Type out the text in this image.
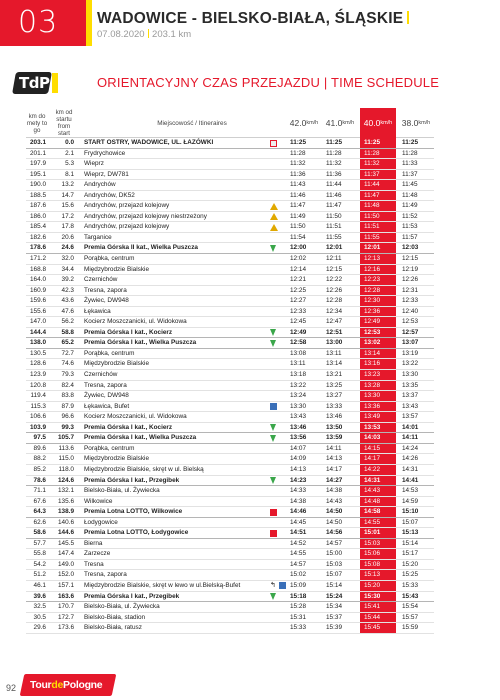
03	WADOWICE - BIELSKO-BIAŁA, ŚLĄSKIE
07.08.2020 203.1 km
TdP	ORIENTACYJNY CZAS PRZEJAZDU | TIME SCHEDULE
km do mety to go
km od startu from start
Miejscowość / Itineraires	42.0 km/h 41.0 km/h 40.0 km/h 38.0 km/h
203.1	0.0 START OSTRY, WADOWICE, UL. ŁAZÓWKI	11:25	11:25	11:25	11:25
201.1	2.1 Frydrychowice	11:28	11:28	11:28	11:28
197.9	5.3 Wieprz	11:32	11:32	11:32	11:33
195.1	8.1 Wieprz, DW781	11:36	11:36	11:37	11:37
190.0	13.2 Andrychów	11:43	11:44	11:44	11:45
188.5	14.7 Andrychów, DK52	11:46	11:46	11:47	11:48
187.6	15.6 Andrychów, przejazd kolejowy	11:47	11:47	11:48	11:49
186.0	17.2 Andrychów, przejazd kolejowy niestrzeżony	11:49	11:50	11:50	11:52
185.4	17.8 Andrychów, przejazd kolejowy	11:50	11:51	11:51	11:53
182.6	20.6 Targanice	11:54	11:55	11:55	11:57
178.6	24.6 Premia Górska II kat., Wielka Puszcza	12:00	12:01	12:01	12:03
171.2	32.0 Porąbka, centrum	12:02	12:11	12:13	12:15
168.8	34.4 Międzybrodzie Bialskie	12:14	12:15	12:16	12:19
164.0	39.2 Czernichów	12:21	12:22	12:23	12:26
160.9	42.3 Tresna, zapora	12:25	12:26	12:28	12:31
159.6	43.6 Żywiec, DW948	12:27	12:28	12:30	12:33
155.6	47.6 Łękawica	12:33	12:34	12:36	12:40
147.0	56.2 Kocierz Moszczanicki, ul. Widokowa	12:45	12:47	12:49	12:53
144.4	58.8 Premia Górska I kat., Kocierz	12:49	12:51	12:53	12:57
138.0	65.2 Premia Górska I kat., Wielka Puszcza	12:58	13:00	13:02	13:07
130.5	72.7 Porąbka, centrum	13:08	13:11	13:14	13:19
128.6	74.6 Międzybrodzie Bialskie	13:11	13:14	13:16	13:22
123.9	79.3 Czernichów	13:18	13:21	13:23	13:30
120.8	82.4 Tresna, zapora	13:22	13:25	13:28	13:35
119.4	83.8 Żywiec, DW948	13:24	13:27	13:30	13:37
115.3	87.9 Łękawica, Bufet	13:30	13:33	13:36	13:43
106.6	96.6 Kocierz Moszczanicki, ul. Widokowa	13:43	13:46	13:49	13:57
103.9	99.3 Premia Górska I kat., Kocierz	13:46	13:50	13:53	14:01
97.5	105.7 Premia Górska I kat., Wielka Puszcza	13:56	13:59	14:03	14:11
89.6	113.6 Porąbka, centrum	14:07	14:11	14:15	14:24
88.2	115.0 Międzybrodzie Bialskie	14:09	14:13	14:17	14:26
85.2	118.0 Międzybrodzie Bialskie, skręt w ul. Bielską	14:13	14:17	14:22	14:31
78.6	124.6 Premia Górska I kat., Przegibek	14:23	14:27	14:31	14:41
71.1	132.1 Bielsko-Biała, ul. Żywiecka	14:33	14:38	14:43	14:53
67.6	135.6 Wilkowice	14:38	14:43	14:48	14:59
64.3	138.9 Premia Lotna LOTTO, Wilkowice	14:46	14:50	14:58	15:10
62.6	140.6 Łodygowice	14:45	14:50	14:55	15:07
58.6	144.6 Premia Lotna LOTTO, Łodygowice	14:51	14:56	15:01	15:13
57.7	145.5 Bierna	14:52	14:57	15:03	15:14
55.8	147.4 Zarzecze	14:55	15:00	15:06	15:17
54.2	149.0 Tresna	14:57	15:03	15:08	15:20
51.2	152.0 Tresna, zapora	15:02	15:07	15:13	15:25
46.1	157.1 Międzybrodzie Bialskie, skręt w lewo w ul.Bielską-Bufet	↰ 15:09	15:14	15:20	15:33
39.6	163.6 Premia Górska I kat., Przegibek	15:18	15:24	15:30	15:43
32.5	170.7 Bielsko-Biała, ul. Żywiecka	15:28	15:34	15:41	15:54
30.5	172.7 Bielsko-Biała, stadion	15:31	15:37	15:44	15:57
29.6	173.6 Bielsko-Biała, ratusz	15:33	15:39	15:45	15:59
92 TourdePologne
